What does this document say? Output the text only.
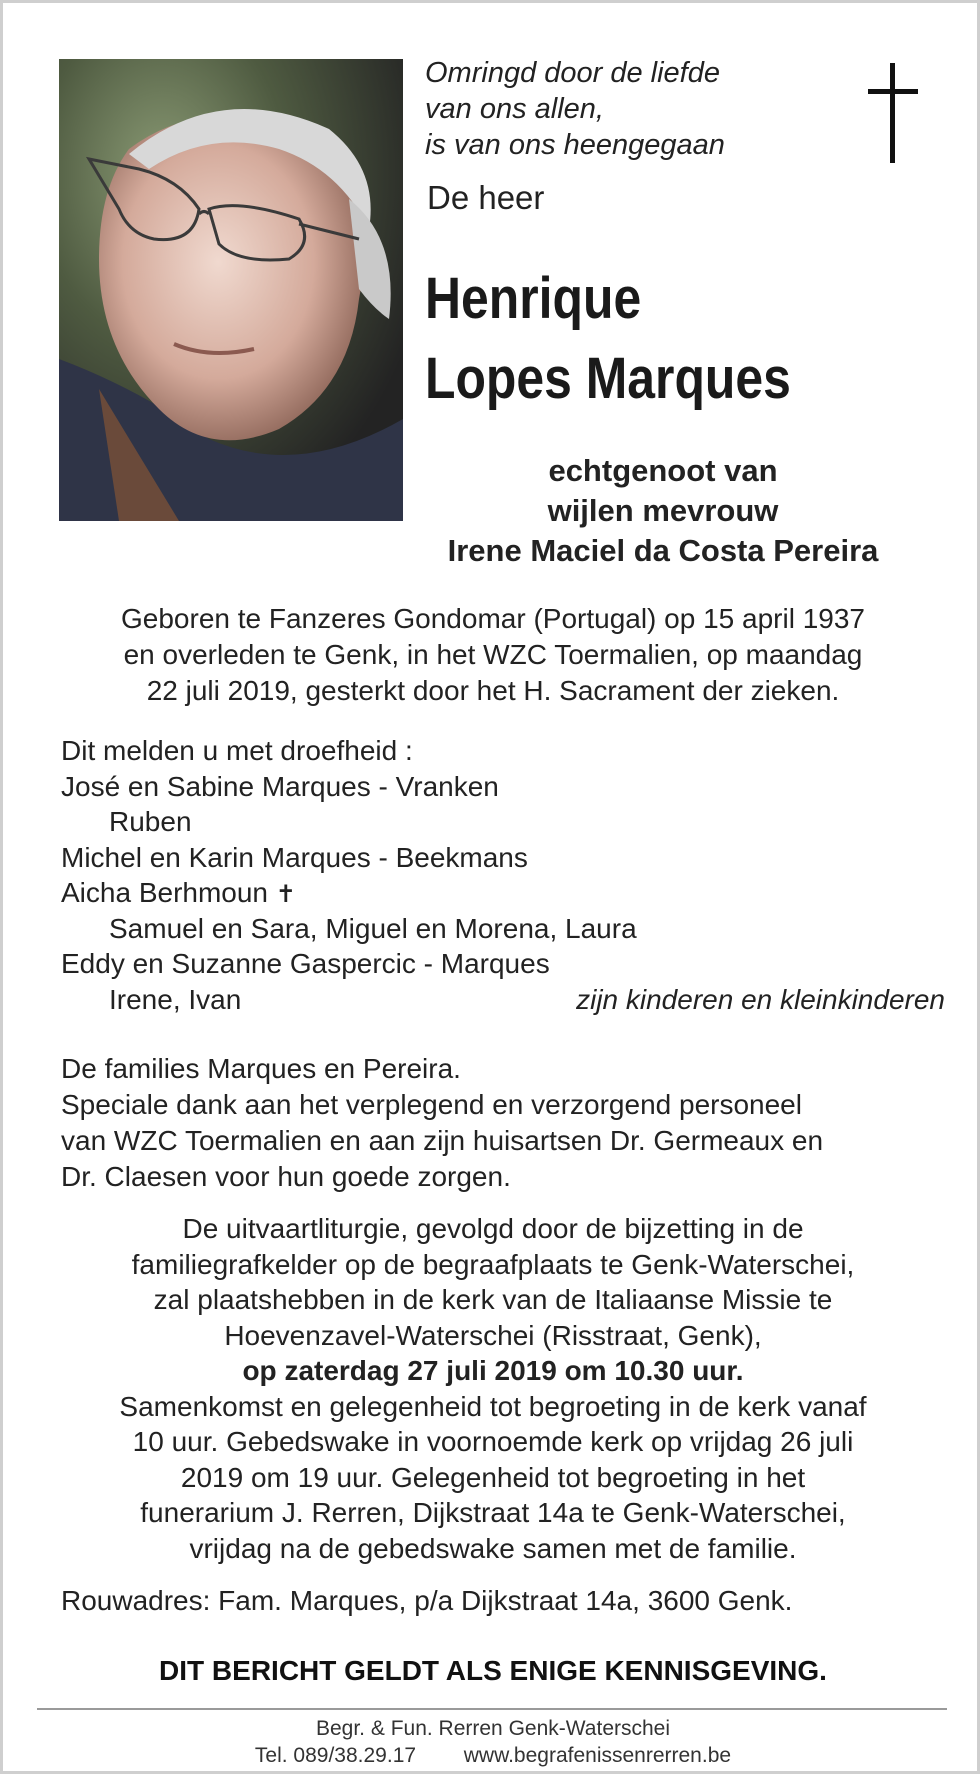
Omringd door de liefde
van ons allen,
is van ons heengegaan
De heer
Henrique
Lopes Marques
echtgenoot van
wijlen mevrouw
Irene Maciel da Costa Pereira
Geboren te Fanzeres Gondomar (Portugal) op 15 april 1937
en overleden te Genk, in het WZC Toermalien, op maandag
22 juli 2019, gesterkt door het H. Sacrament der zieken.
Dit melden u met droefheid :
José en Sabine Marques - Vranken
Ruben
Michel en Karin Marques - Beekmans
Aicha Berhmoun ✝
Samuel en Sara, Miguel en Morena, Laura
Eddy en Suzanne Gaspercic - Marques
Irene, Ivan	zijn kinderen en kleinkinderen
De families Marques en Pereira.
Speciale dank aan het verplegend en verzorgend personeel
van WZC Toermalien en aan zijn huisartsen Dr. Germeaux en
Dr. Claesen voor hun goede zorgen.
De uitvaartliturgie, gevolgd door de bijzetting in de
familiegrafkelder op de begraafplaats te Genk-Waterschei,
zal plaatshebben in de kerk van de Italiaanse Missie te
Hoevenzavel-Waterschei (Risstraat, Genk),
op zaterdag 27 juli 2019 om 10.30 uur.
Samenkomst en gelegenheid tot begroeting in de kerk vanaf
10 uur. Gebedswake in voornoemde kerk op vrijdag 26 juli
2019 om 19 uur. Gelegenheid tot begroeting in het
funerarium J. Rerren, Dijkstraat 14a te Genk-Waterschei,
vrijdag na de gebedswake samen met de familie.
Rouwadres: Fam. Marques, p/a Dijkstraat 14a, 3600 Genk.
DIT BERICHT GELDT ALS ENIGE KENNISGEVING.
Begr. & Fun. Rerren Genk-Waterschei
Tel. 089/38.29.17 www.begrafenissenrerren.be
